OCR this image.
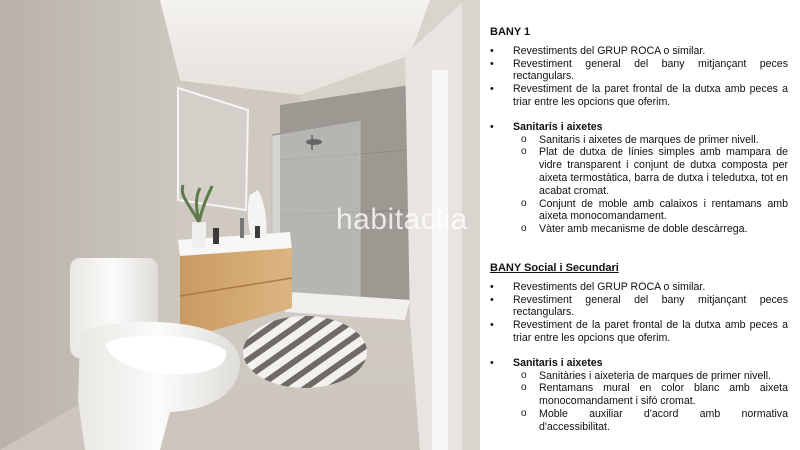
habitaclia
BANY 1
• Revestiments del GRUP ROCA o similar.
• Revestiment general del bany mitjançant peces rectangulars.
• Revestiment de la paret frontal de la dutxa amb peces a triar entre les opcions que oferim.
• Sanitaris i aixetes
o Sanitaris i aixetes de marques de primer nivell.
o Plat de dutxa de línies simples amb mampara de vidre transparent i conjunt de dutxa composta per aixeta termostàtica, barra de dutxa i teledutxa, tot en acabat cromat.
o Conjunt de moble amb calaixos i rentamans amb aixeta monocomandament.
o Vàter amb mecanisme de doble descàrrega.
BANY Social i Secundari
• Revestiments del GRUP ROCA o similar.
• Revestiment general del bany mitjançant peces rectangulars.
• Revestiment de la paret frontal de la dutxa amb peces a triar entre les opcions que oferim.
• Sanitaris i aixetes
o Sanitàries i aixeteria de marques de primer nivell.
o Rentamans mural en color blanc amb aixeta monocomandament i sifó cromat.
o Moble auxiliar d'acord amb normativa d'accessibilitat.
